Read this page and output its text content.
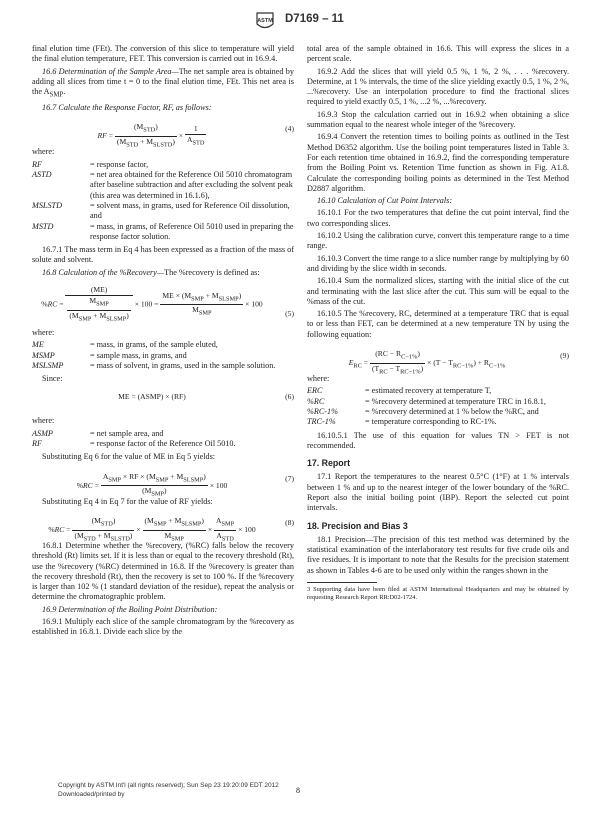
ASTM D7169 – 11

final elution time (FEt). The conversion of this slice to temperature will yield the final elution temperature, FET. This conversion is carried out in 16.9.4.

16.6 Determination of the Sample Area—The net sample area is obtained by adding all slices from time t = 0 to the final elution time, FEt. This net area is the $A_{SMP}$.

16.7 Calculate the Response Factor, RF, as follows:

RF = $\frac{(M_{STD})}{(M_{STD} + M_{SLSTD})} \times \frac{1}{A_{STD}}$	(4)

where:

RF	= response factor,
ASTD	= net area obtained for the Reference Oil 5010 chromatogram after baseline subtraction and after excluding the solvent peak (this area was determined in 16.1.6),
MSLSTD	= solvent mass, in grams, used for Reference Oil dissolution, and
MSTD	= mass, in grams, of Reference Oil 5010 used in preparing the response factor solution.

16.7.1 The mass term in Eq 4 has been expressed as a fraction of the mass of solute and solvent.

16.8 Calculation of the %Recovery—The %recovery is defined as:

$\%RC = \frac{(ME)}{\frac{M_{SMP}}{(M_{SMP} + M_{SLSMP})}} \times 100 = \frac{ME \times (M_{SMP} + M_{SLSMP})}{M_{SMP}} \times 100$
(5)

where:

ME	= mass, in grams, of the sample eluted,
MSMP	= sample mass, in grams, and
MSLSMP	= mass of solvent, in grams, used in the sample solution.

Since:

ME = (ASMP) × (RF)	(6)

where:

ASMP	= net sample area, and
RF	= response factor of the Reference Oil 5010.

Substituting Eq 6 for the value of ME in Eq 5 yields:

$\%RC = \frac{A_{SMP} \times RF \times (M_{SMP} + M_{SLSMP})}{(M_{SMP})} \times 100$
(7)

Substituting Eq 4 in Eq 7 for the value of RF yields:

$\%RC = \frac{(M_{STD})}{(M_{STD} + M_{SLSTD})} \times \frac{(M_{SMP} + M_{SLSMP})}{M_{SMP}} \times \frac{A_{SMP}}{A_{STD}} \times 100$
(8)

16.8.1 Determine whether the %recovery, (%RC) falls below the recovery threshold (Rt) limits set. If it is less than or equal to the recovery threshold (Rt), use the %recovery (%RC) determined in 16.8. If the %recovery is greater than the recovery threshold (Rt), then the recovery is set to 100 %. If the %recovery is larger than 102 % (1 standard deviation of the residue), repeat the analysis or determine the chromatographic problem.

16.9 Determination of the Boiling Point Distribution:

16.9.1 Multiply each slice of the sample chromatogram by the %recovery as established in 16.8.1. Divide each slice by the

total area of the sample obtained in 16.6. This will express the slices in a percent scale.

16.9.2 Add the slices that will yield 0.5 %, 1 %, 2 %, . . . %recovery. Determine, at 1 % intervals, the time of the slice yielding exactly 0.5, 1 %, 2 %, ...%recovery. Use an interpolation procedure to find the fractional slices required to yield exactly 0.5, 1 %, ...2 %, ...%recovery.

16.9.3 Stop the calculation carried out in 16.9.2 when obtaining a slice summation equal to the nearest whole integer of the %recovery.

16.9.4 Convert the retention times to boiling points as outlined in the Test Method D6352 algorithm. Use the boiling point temperatures listed in Table 3. For each retention time obtained in 16.9.2, find the corresponding temperature from the Boiling Point vs. Retention Time function as shown in Fig. A1.8. Calculate the corresponding boiling points as determined in the Test Method D2887 algorithm.

16.10 Calculation of Cut Point Intervals:

16.10.1 For the two temperatures that define the cut point interval, find the two corresponding slices.

16.10.2 Using the calibration curve, convert this temperature range to a time range.

16.10.3 Convert the time range to a slice number range by multiplying by 60 and dividing by the slice width in seconds.

16.10.4 Sum the normalized slices, starting with the initial slice of the cut and terminating with the last slice after the cut. This sum will be equal to the %mass of the cut.

16.10.5 The %recovery, RC, determined at a temperature TRC that is equal to or less than FET, can be determined at a new temperature TN by using the following equation:

$E_{RC} = \frac{(RC - R_{C-1\%})}{(T_{RC} - T_{RC-1\%})} \times (T - T_{RC-1\%}) + R_{C-1\%}$
(9)

where:

ERC	= estimated recovery at temperature T,
%RC	= %recovery determined at temperature TRC in 16.8.1,
%RC-1%	= %recovery determined at 1 % below the %RC, and
TRC-1%	= temperature corresponding to RC-1%.

16.10.5.1 The use of this equation for values TN > FET is not recommended.

17. Report

17.1 Report the temperatures to the nearest 0.5°C (1°F) at 1 % intervals between 1 % and up to the nearest integer of the lower boundary of the %RC. Report also the initial boiling point (IBP). Report the selected cut point intervals.

18. Precision and Bias 3

18.1 Precision—The precision of this test method was determined by the statistical examination of the interlaboratory test results for five crude oils and five residues. It is important to note that the Results for the precision statement as shown in Tables 4-6 are to be used only within the ranges shown in the

3 Supporting data have been filed at ASTM International Headquarters and may be obtained by requesting Research Report RR:D02-1724.

Copyright by ASTM Int'l (all rights reserved); Sun Sep 23 19:20:09 EDT 2012
Downloaded/printed by	8
